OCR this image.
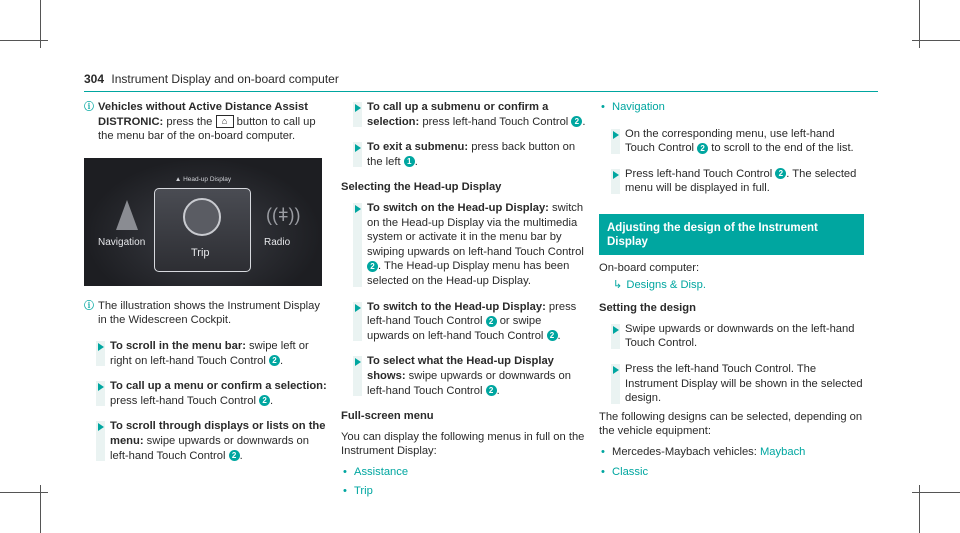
304 Instrument Display and on-board computer
ⓘ Vehicles without Active Distance Assist DISTRONIC: press the ⌂ button to call up the menu bar of the on-board computer.
▲ Head-up Display
Navigation
Trip
((ǂ))
Radio
ⓘ The illustration shows the Instrument Display in the Widescreen Cockpit.
To scroll in the menu bar: swipe left or right on left-hand Touch Control 2 .
To call up a menu or confirm a selection: press left-hand Touch Control 2 .
To scroll through displays or lists on the menu: swipe upwards or downwards on left-hand Touch Control 2 .
To call up a submenu or confirm a selection: press left-hand Touch Control 2 .
To exit a submenu: press back button on the left 1 .
Selecting the Head-up Display
To switch on the Head-up Display: switch on the Head-up Display via the multimedia system or activate it in the menu bar by swiping upwards on left-hand Touch Control 2 . The Head-up Display menu has been selected on the Head-up Display.
To switch to the Head-up Display: press left-hand Touch Control 2 or swipe upwards on left-hand Touch Control 2 .
To select what the Head-up Display shows: swipe upwards or downwards on left-hand Touch Control 2 .
Full-screen menu
You can display the following menus in full on the Instrument Display:
• Assistance
• Trip
• Navigation
On the corresponding menu, use left-hand Touch Control 2 to scroll to the end of the list.
Press left-hand Touch Control 2 . The selected menu will be displayed in full.
Adjusting the design of the Instrument Display
On-board computer:
↳ Designs & Disp.
Setting the design
Swipe upwards or downwards on the left-hand Touch Control.
Press the left-hand Touch Control. The Instrument Display will be shown in the selected design.
The following designs can be selected, depending on the vehicle equipment:
• Mercedes-Maybach vehicles: Maybach
• Classic
